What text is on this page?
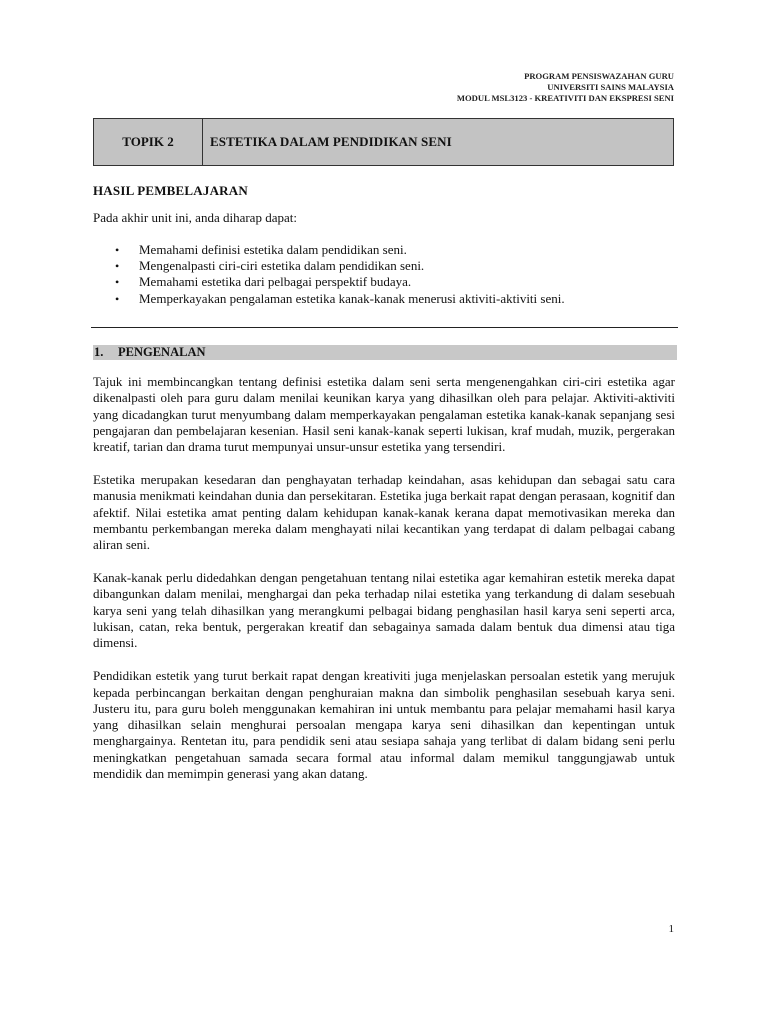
PROGRAM PENSISWAZAHAN GURU
UNIVERSITI SAINS MALAYSIA
MODUL MSL3123 - KREATIVITI DAN EKSPRESI SENI
TOPIK 2	ESTETIKA DALAM PENDIDIKAN SENI
HASIL PEMBELAJARAN
Pada akhir unit ini, anda diharap dapat:
• Memahami definisi estetika dalam pendidikan seni.
• Mengenalpasti ciri-ciri estetika dalam pendidikan seni.
• Memahami estetika dari pelbagai perspektif budaya.
• Memperkayakan pengalaman estetika kanak-kanak menerusi aktiviti-aktiviti seni.
1.	PENGENALAN

Tajuk ini membincangkan tentang definisi estetika dalam seni serta mengenengahkan ciri-ciri estetika agar dikenalpasti oleh para guru dalam menilai keunikan karya yang dihasilkan oleh para pelajar. Aktiviti-aktiviti yang dicadangkan turut menyumbang dalam memperkayakan pengalaman estetika kanak-kanak sepanjang sesi pengajaran dan pembelajaran kesenian. Hasil seni kanak-kanak seperti lukisan, kraf mudah, muzik, pergerakan kreatif, tarian dan drama turut mempunyai unsur-unsur estetika yang tersendiri.

Estetika merupakan kesedaran dan penghayatan terhadap keindahan, asas kehidupan dan sebagai satu cara manusia menikmati keindahan dunia dan persekitaran. Estetika juga berkait rapat dengan perasaan, kognitif dan afektif. Nilai estetika amat penting dalam kehidupan kanak-kanak kerana dapat memotivasikan mereka dan membantu perkembangan mereka dalam menghayati nilai kecantikan yang terdapat di dalam pelbagai cabang aliran seni.

Kanak-kanak perlu didedahkan dengan pengetahuan tentang nilai estetika agar kemahiran estetik mereka dapat dibangunkan dalam menilai, menghargai dan peka terhadap nilai estetika yang terkandung di dalam sesebuah karya seni yang telah dihasilkan yang merangkumi pelbagai bidang penghasilan hasil karya seni seperti arca, lukisan, catan, reka bentuk, pergerakan kreatif dan sebagainya samada dalam bentuk dua dimensi atau tiga dimensi.

Pendidikan estetik yang turut berkait rapat dengan kreativiti juga menjelaskan persoalan estetik yang merujuk kepada perbincangan berkaitan dengan penghuraian makna dan simbolik penghasilan sesebuah karya seni. Justeru itu, para guru boleh menggunakan kemahiran ini untuk membantu para pelajar memahami hasil karya yang dihasilkan selain menghurai persoalan mengapa karya seni dihasilkan dan kepentingan untuk menghargainya. Rentetan itu, para pendidik seni atau sesiapa sahaja yang terlibat di dalam bidang seni perlu meningkatkan pengetahuan samada secara formal atau informal dalam memikul tanggungjawab untuk mendidik dan memimpin generasi yang akan datang.

1
